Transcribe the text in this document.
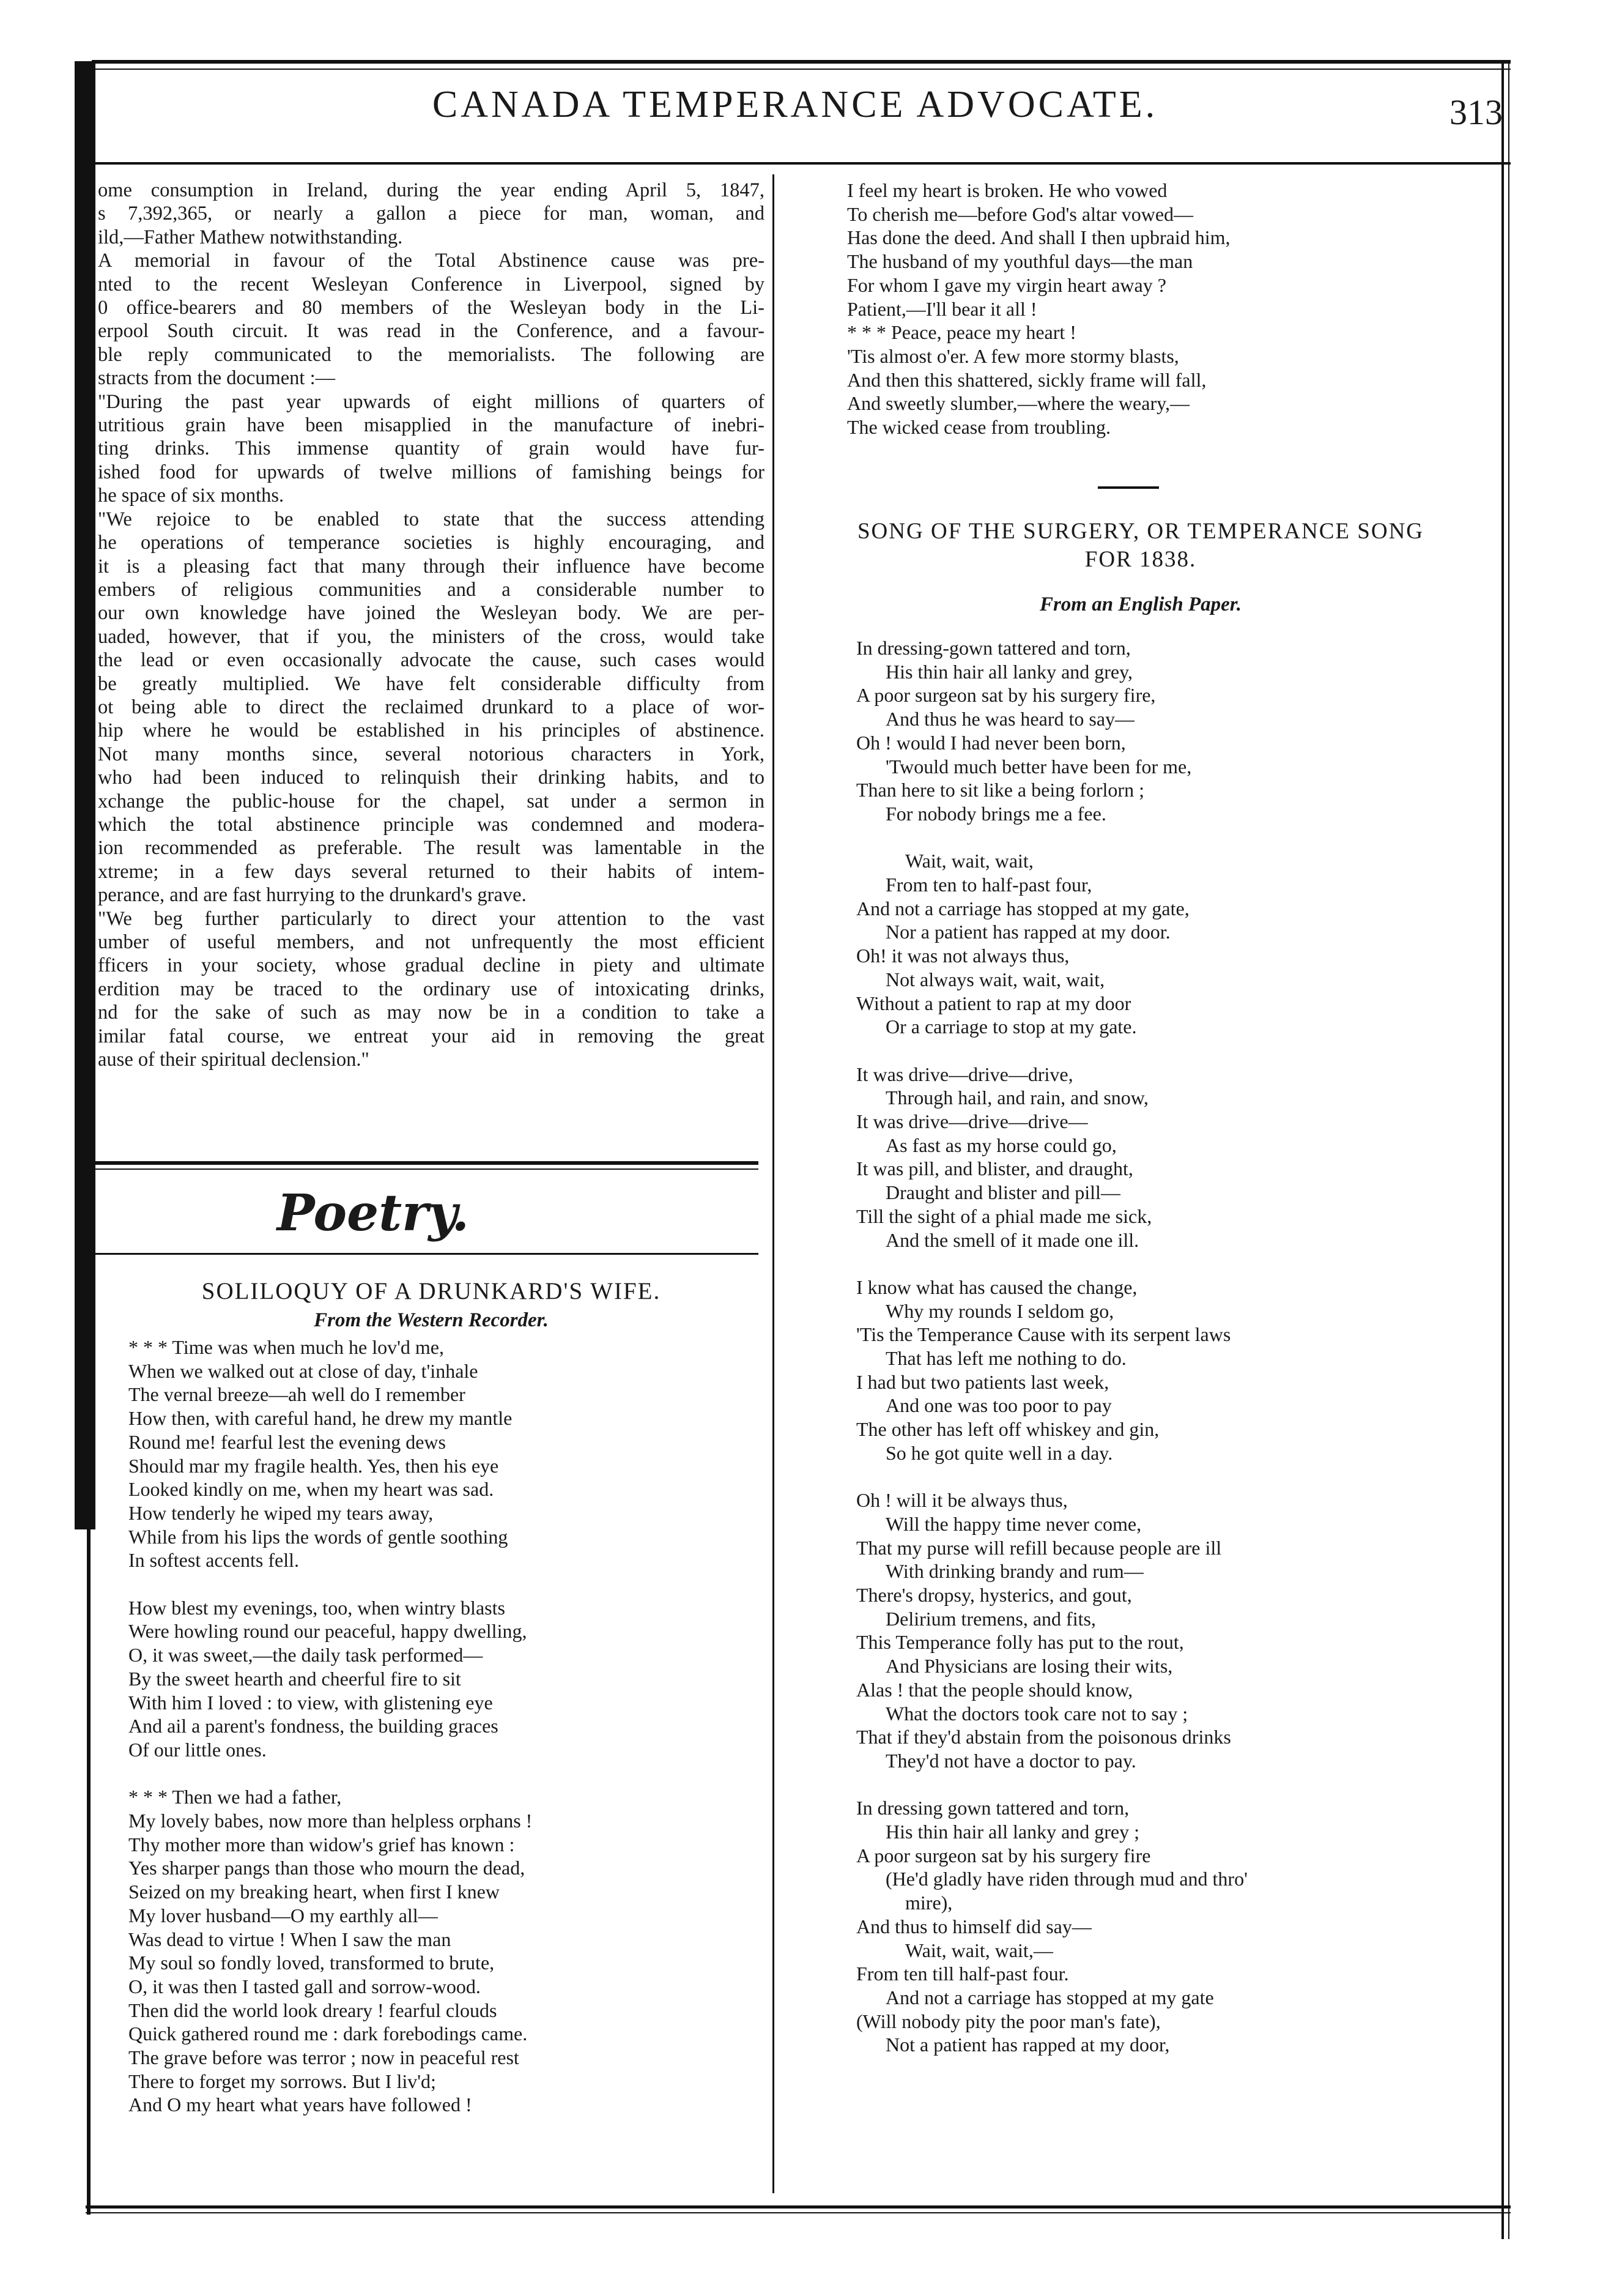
CANADA TEMPERANCE ADVOCATE.	313

ome consumption in Ireland, during the year ending April 5, 1847,

s 7,392,365, or nearly a gallon a piece for man, woman, and

ild,—Father Mathew notwithstanding.

A memorial in favour of the Total Abstinence cause was pre-

nted to the recent Wesleyan Conference in Liverpool, signed by

0 office-bearers and 80 members of the Wesleyan body in the Li-

erpool South circuit. It was read in the Conference, and a favour-

ble reply communicated to the memorialists. The following are

stracts from the document :—

"During the past year upwards of eight millions of quarters of

utritious grain have been misapplied in the manufacture of inebri-

ting drinks. This immense quantity of grain would have fur-

ished food for upwards of twelve millions of famishing beings for

he space of six months.

"We rejoice to be enabled to state that the success attending

he operations of temperance societies is highly encouraging, and

it is a pleasing fact that many through their influence have become

embers of religious communities and a considerable number to

our own knowledge have joined the Wesleyan body. We are per-

uaded, however, that if you, the ministers of the cross, would take

the lead or even occasionally advocate the cause, such cases would

be greatly multiplied. We have felt considerable difficulty from

ot being able to direct the reclaimed drunkard to a place of wor-

hip where he would be established in his principles of abstinence.

Not many months since, several notorious characters in York,

who had been induced to relinquish their drinking habits, and to

xchange the public-house for the chapel, sat under a sermon in

which the total abstinence principle was condemned and modera-

ion recommended as preferable. The result was lamentable in the

xtreme; in a few days several returned to their habits of intem-

perance, and are fast hurrying to the drunkard's grave.

"We beg further particularly to direct your attention to the vast

umber of useful members, and not unfrequently the most efficient

fficers in your society, whose gradual decline in piety and ultimate

erdition may be traced to the ordinary use of intoxicating drinks,

nd for the sake of such as may now be in a condition to take a

imilar fatal course, we entreat your aid in removing the great

ause of their spiritual declension."

Poetry.
SOLILOQUY OF A DRUNKARD'S WIFE.
From the Western Recorder.
* * * Time was when much he lov'd me,
When we walked out at close of day, t'inhale
The vernal breeze—ah well do I remember
How then, with careful hand, he drew my mantle
Round me! fearful lest the evening dews
Should mar my fragile health. Yes, then his eye
Looked kindly on me, when my heart was sad.
How tenderly he wiped my tears away,
While from his lips the words of gentle soothing
In softest accents fell.
How blest my evenings, too, when wintry blasts
Were howling round our peaceful, happy dwelling,
O, it was sweet,—the daily task performed—
By the sweet hearth and cheerful fire to sit
With him I loved : to view, with glistening eye
And ail a parent's fondness, the building graces
Of our little ones.
* * * Then we had a father,
My lovely babes, now more than helpless orphans !
Thy mother more than widow's grief has known :
Yes sharper pangs than those who mourn the dead,
Seized on my breaking heart, when first I knew
My lover husband—O my earthly all—
Was dead to virtue ! When I saw the man
My soul so fondly loved, transformed to brute,
O, it was then I tasted gall and sorrow-wood.
Then did the world look dreary ! fearful clouds
Quick gathered round me : dark forebodings came.
The grave before was terror ; now in peaceful rest
There to forget my sorrows. But I liv'd;
And O my heart what years have followed !
I feel my heart is broken. He who vowed
To cherish me—before God's altar vowed—
Has done the deed. And shall I then upbraid him,
The husband of my youthful days—the man
For whom I gave my virgin heart away ?
Patient,—I'll bear it all !
* * * Peace, peace my heart !
'Tis almost o'er. A few more stormy blasts,
And then this shattered, sickly frame will fall,
And sweetly slumber,—where the weary,—
The wicked cease from troubling.
SONG OF THE SURGERY, OR TEMPERANCE SONG
FOR 1838.
From an English Paper.
In dressing-gown tattered and torn,
His thin hair all lanky and grey,
A poor surgeon sat by his surgery fire,
And thus he was heard to say—
Oh ! would I had never been born,
'Twould much better have been for me,
Than here to sit like a being forlorn ;
For nobody brings me a fee.
Wait, wait, wait,
From ten to half-past four,
And not a carriage has stopped at my gate,
Nor a patient has rapped at my door.
Oh! it was not always thus,
Not always wait, wait, wait,
Without a patient to rap at my door
Or a carriage to stop at my gate.
It was drive—drive—drive,
Through hail, and rain, and snow,
It was drive—drive—drive—
As fast as my horse could go,
It was pill, and blister, and draught,
Draught and blister and pill—
Till the sight of a phial made me sick,
And the smell of it made one ill.
I know what has caused the change,
Why my rounds I seldom go,
'Tis the Temperance Cause with its serpent laws
That has left me nothing to do.
I had but two patients last week,
And one was too poor to pay
The other has left off whiskey and gin,
So he got quite well in a day.
Oh ! will it be always thus,
Will the happy time never come,
That my purse will refill because people are ill
With drinking brandy and rum—
There's dropsy, hysterics, and gout,
Delirium tremens, and fits,
This Temperance folly has put to the rout,
And Physicians are losing their wits,
Alas ! that the people should know,
What the doctors took care not to say ;
That if they'd abstain from the poisonous drinks
They'd not have a doctor to pay.
In dressing gown tattered and torn,
His thin hair all lanky and grey ;
A poor surgeon sat by his surgery fire
(He'd gladly have riden through mud and thro'
mire),
And thus to himself did say—
Wait, wait, wait,—
From ten till half-past four.
And not a carriage has stopped at my gate
(Will nobody pity the poor man's fate),
Not a patient has rapped at my door,
